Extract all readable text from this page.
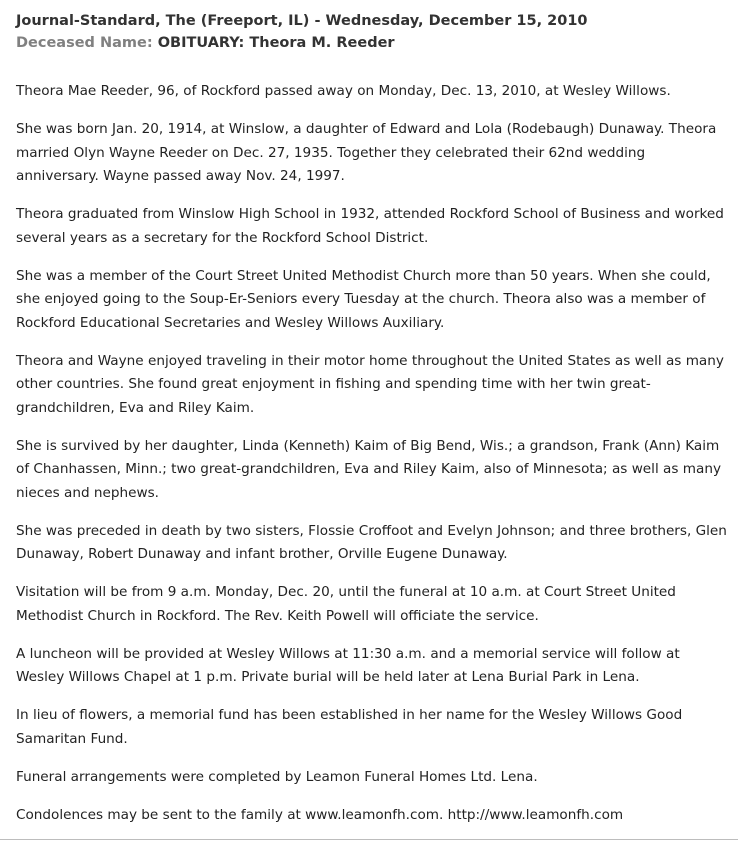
Journal-Standard, The (Freeport, IL) - Wednesday, December 15, 2010
Deceased Name: OBITUARY: Theora M. Reeder

Theora Mae Reeder, 96, of Rockford passed away on Monday, Dec. 13, 2010, at Wesley Willows.

She was born Jan. 20, 1914, at Winslow, a daughter of Edward and Lola (Rodebaugh) Dunaway. Theora married Olyn Wayne Reeder on Dec. 27, 1935. Together they celebrated their 62nd wedding anniversary. Wayne passed away Nov. 24, 1997.

Theora graduated from Winslow High School in 1932, attended Rockford School of Business and worked several years as a secretary for the Rockford School District.

She was a member of the Court Street United Methodist Church more than 50 years. When she could, she enjoyed going to the Soup-Er-Seniors every Tuesday at the church. Theora also was a member of Rockford Educational Secretaries and Wesley Willows Auxiliary.

Theora and Wayne enjoyed traveling in their motor home throughout the United States as well as many other countries. She found great enjoyment in fishing and spending time with her twin great-grandchildren, Eva and Riley Kaim.

She is survived by her daughter, Linda (Kenneth) Kaim of Big Bend, Wis.; a grandson, Frank (Ann) Kaim of Chanhassen, Minn.; two great-grandchildren, Eva and Riley Kaim, also of Minnesota; as well as many nieces and nephews.

She was preceded in death by two sisters, Flossie Croffoot and Evelyn Johnson; and three brothers, Glen Dunaway, Robert Dunaway and infant brother, Orville Eugene Dunaway.

Visitation will be from 9 a.m. Monday, Dec. 20, until the funeral at 10 a.m. at Court Street United Methodist Church in Rockford. The Rev. Keith Powell will officiate the service.

A luncheon will be provided at Wesley Willows at 11:30 a.m. and a memorial service will follow at Wesley Willows Chapel at 1 p.m. Private burial will be held later at Lena Burial Park in Lena.

In lieu of flowers, a memorial fund has been established in her name for the Wesley Willows Good Samaritan Fund.

Funeral arrangements were completed by Leamon Funeral Homes Ltd. Lena.

Condolences may be sent to the family at www.leamonfh.com. http://www.leamonfh.com
